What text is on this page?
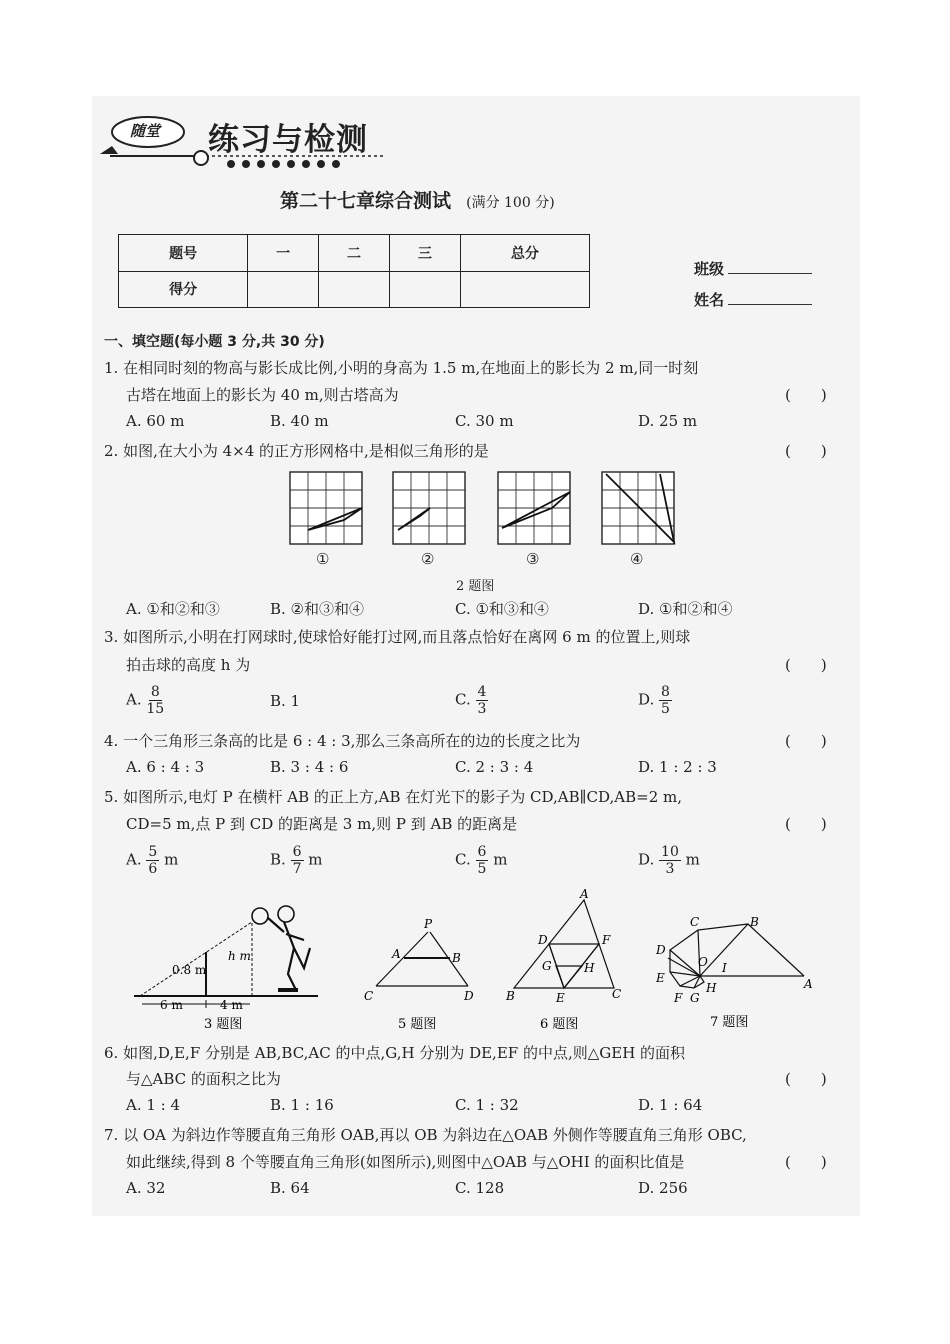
随堂 练习与检测
第二十七章综合测试 (满分 100 分)
题号	一	二	三	总分
得分				
班级
姓名
一、填空题(每小题 3 分,共 30 分)
1. 在相同时刻的物高与影长成比例,小明的身高为 1.5 m,在地面上的影长为 2 m,同一时刻
古塔在地面上的影长为 40 m,则古塔高为	(　　)
A. 60 m	B. 40 m	C. 30 m	D. 25 m
2. 如图,在大小为 4×4 的正方形网格中,是相似三角形的是	(　　)
①	②	③	④
2 题图
A. ①和②和③	B. ②和③和④	C. ①和③和④	D. ①和②和④
3. 如图所示,小明在打网球时,使球恰好能打过网,而且落点恰好在离网 6 m 的位置上,则球
拍击球的高度 h 为	(　　)
A. $\frac{8}{15}$	B. 1	C. $\frac{4}{3}$	D. $\frac{8}{5}$
4. 一个三角形三条高的比是 6 : 4 : 3,那么三条高所在的边的长度之比为	(　　)
A. 6 : 4 : 3	B. 3 : 4 : 6	C. 2 : 3 : 4	D. 1 : 2 : 3
5. 如图所示,电灯 P 在横杆 AB 的正上方,AB 在灯光下的影子为 CD,AB∥CD,AB=2 m,
CD=5 m,点 P 到 CD 的距离是 3 m,则 P 到 AB 的距离是	(　　)
A. $\frac{5}{6}$ m	B. $\frac{6}{7}$ m	C. $\frac{6}{5}$ m	D. $\frac{10}{3}$ m
0.8 m
h m
6 m	4 m
3 题图
P
A	B
C	D
5 题图
A
B	C
D
E
F
G	H
6 题图
A
B
C
D
E
F G
H
I
O
7 题图
6. 如图,D,E,F 分别是 AB,BC,AC 的中点,G,H 分别为 DE,EF 的中点,则△GEH 的面积
与△ABC 的面积之比为	(　　)
A. 1 : 4	B. 1 : 16	C. 1 : 32	D. 1 : 64
7. 以 OA 为斜边作等腰直角三角形 OAB,再以 OB 为斜边在△OAB 外侧作等腰直角三角形 OBC,
如此继续,得到 8 个等腰直角三角形(如图所示),则图中△OAB 与△OHI 的面积比值是	(　　)
A. 32	B. 64	C. 128	D. 256
